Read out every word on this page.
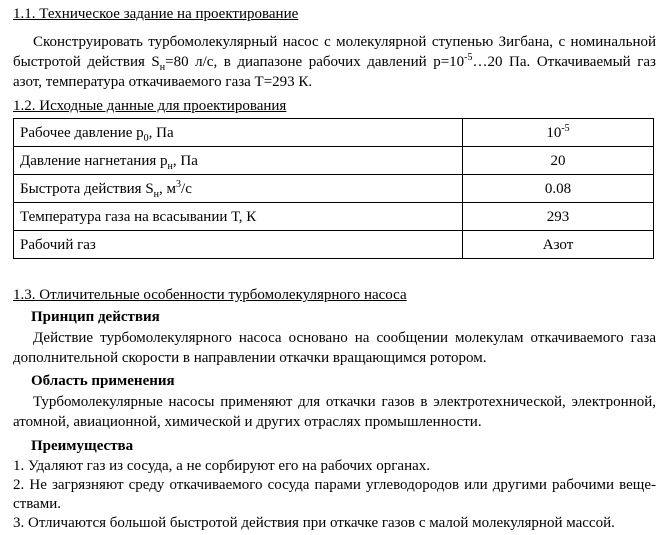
1.1. Техническое задание на проектирование
Сконструировать турбомолекулярный насос с молекулярной ступенью Зигбана, с номинальной быстротой действия $S_н=80$ л/с, в диапазоне рабочих давлений $р=10^{-5}\dots 20$ Па. Откачиваемый газ азот, температура откачиваемого газа Т=293 К.
1.2. Исходные данные для проектирования
Рабочее давление $р_0$, Па	$10^{-5}$
Давление нагнетания $р_н$, Па	20
Быстрота действия $S_н$, $м^3/с$	0.08
Температура газа на всасывании Т, К	293
Рабочий газ	Азот
1.3. Отличительные особенности турбомолекулярного насоса
Принцип действия
Действие турбомолекулярного насоса основано на сообщении молекулам откачиваемого газа дополнительной скорости в направлении откачки вращающимся ротором.
Область применения
Турбомолекулярные насосы применяют для откачки газов в электротехнической, электронной, атомной, авиационной, химической и других отраслях промышленности.
Преимущества
1. Удаляют газ из сосуда, а не сорбируют его на рабочих органах.
2. Не загрязняют среду откачиваемого сосуда парами углеводородов или другими рабочими веще-ствами.
3. Отличаются большой быстротой действия при откачке газов с малой молекулярной массой.
